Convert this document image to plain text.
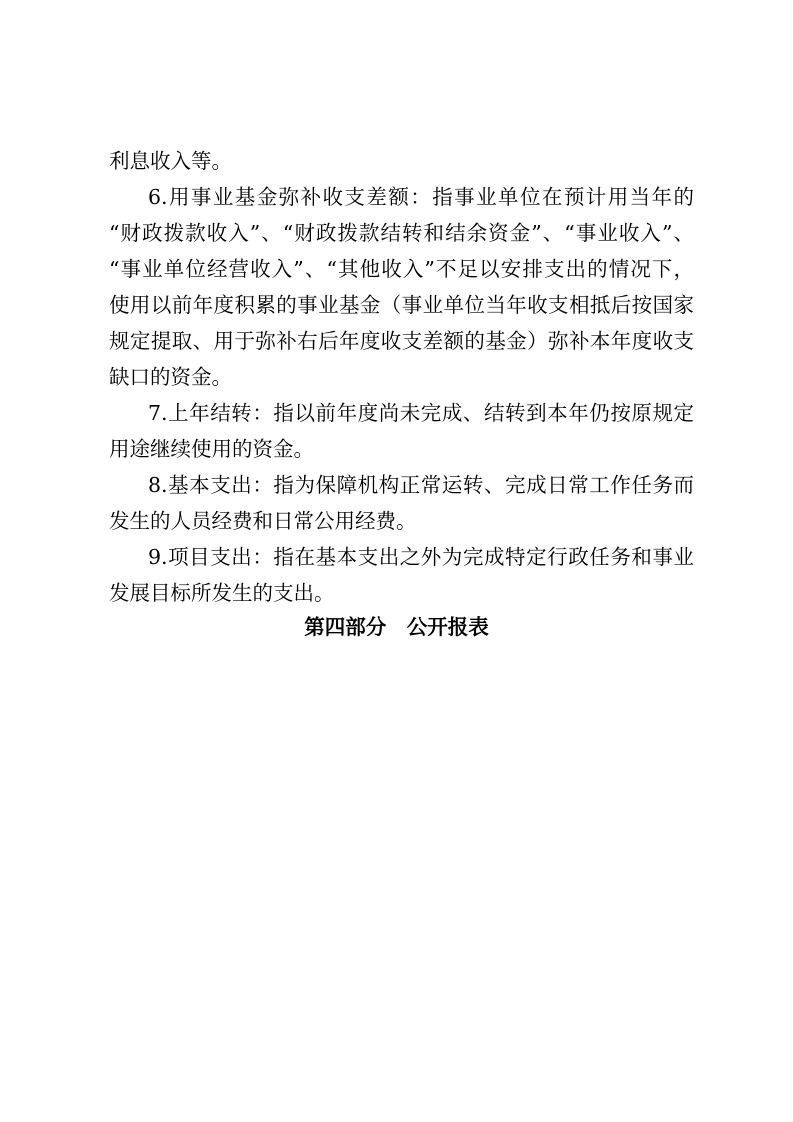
利息收入等。
6.用事业基金弥补收支差额：指事业单位在预计用当年的
“财政拨款收入”、“财政拨款结转和结余资金”、“事业收入”、
“事业单位经营收入”、“其他收入”不足以安排支出的情况下，
使用以前年度积累的事业基金（事业单位当年收支相抵后按国家
规定提取、用于弥补右后年度收支差额的基金）弥补本年度收支
缺口的资金。
7.上年结转：指以前年度尚未完成、结转到本年仍按原规定
用途继续使用的资金。
8.基本支出：指为保障机构正常运转、完成日常工作任务而
发生的人员经费和日常公用经费。
9.项目支出：指在基本支出之外为完成特定行政任务和事业
发展目标所发生的支出。
第四部分　公开报表
